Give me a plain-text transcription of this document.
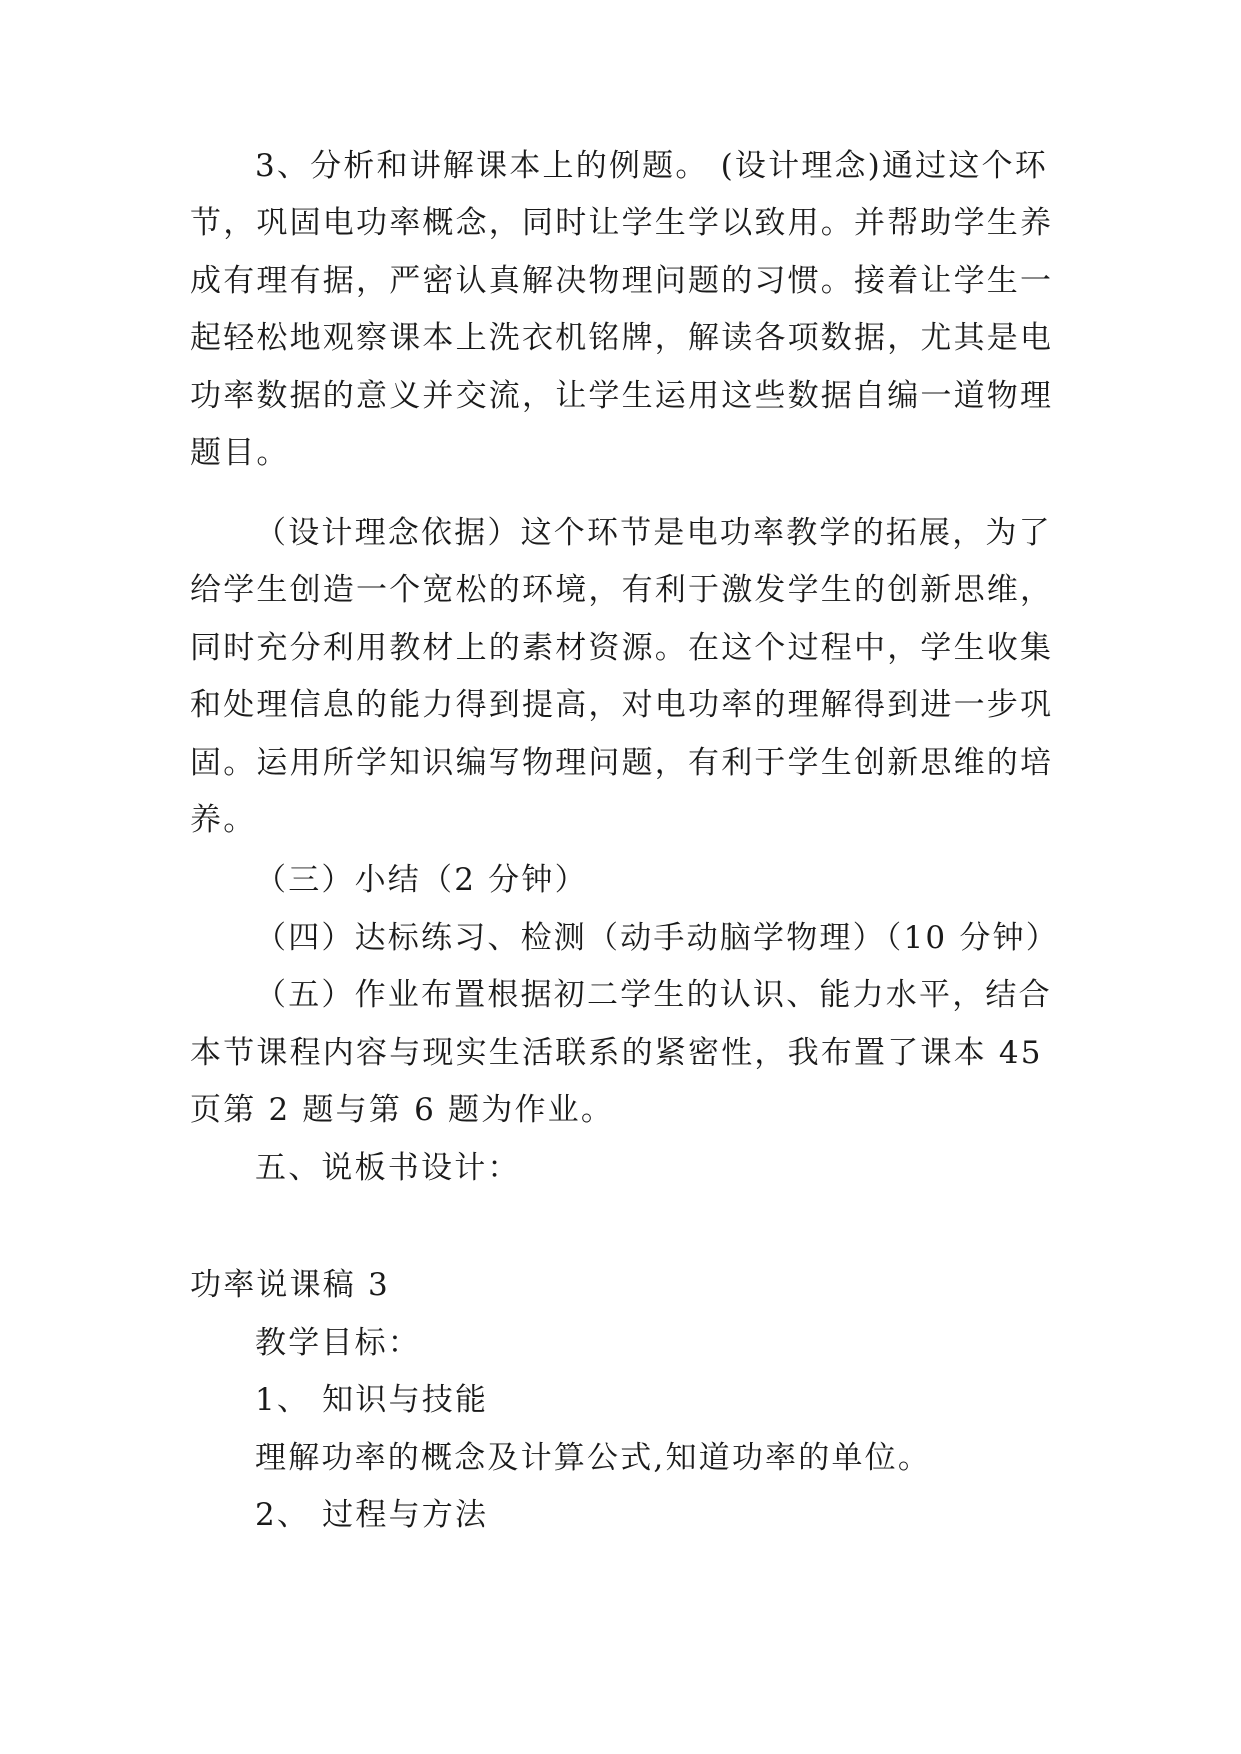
3、分析和讲解课本上的例题。 (设计理念)通过这个环
节，巩固电功率概念，同时让学生学以致用。并帮助学生养
成有理有据，严密认真解决物理问题的习惯。接着让学生一
起轻松地观察课本上洗衣机铭牌，解读各项数据，尤其是电
功率数据的意义并交流，让学生运用这些数据自编一道物理
题目。
（设计理念依据）这个环节是电功率教学的拓展，为了
给学生创造一个宽松的环境，有利于激发学生的创新思维，
同时充分利用教材上的素材资源。在这个过程中，学生收集
和处理信息的能力得到提高，对电功率的理解得到进一步巩
固。运用所学知识编写物理问题，有利于学生创新思维的培
养。
（三）小结（2 分钟）
（四）达标练习、检测（动手动脑学物理）（10 分钟）
（五）作业布置根据初二学生的认识、能力水平，结合
本节课程内容与现实生活联系的紧密性，我布置了课本 45
页第 2 题与第 6 题为作业。
五、说板书设计：
功率说课稿 3
教学目标：
1、 知识与技能
理解功率的概念及计算公式,知道功率的单位。
2、 过程与方法
